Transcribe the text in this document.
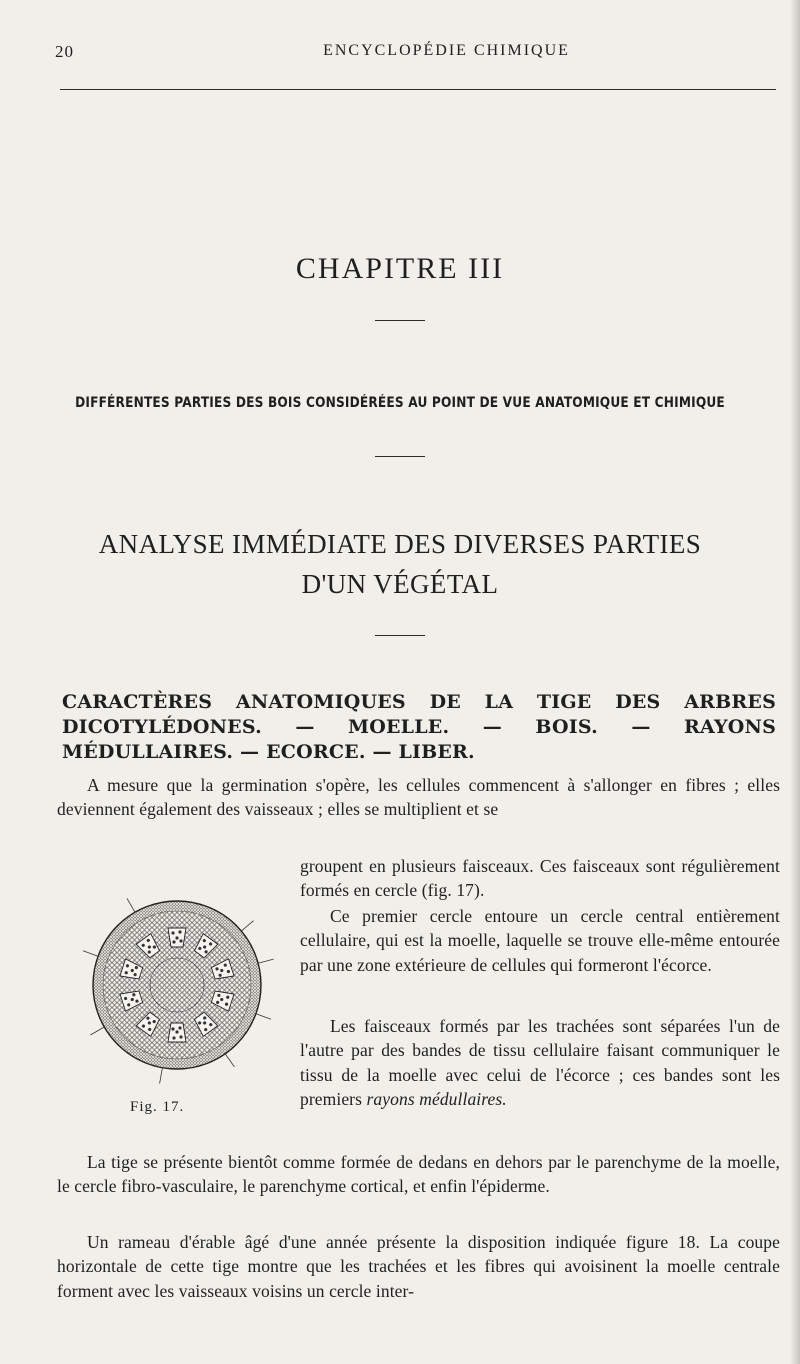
20	ENCYCLOPÉDIE CHIMIQUE
CHAPITRE III
DIFFÉRENTES PARTIES DES BOIS CONSIDÉRÉES AU POINT DE VUE ANATOMIQUE ET CHIMIQUE
ANALYSE IMMÉDIATE DES DIVERSES PARTIES
D'UN VÉGÉTAL
CARACTÈRES ANATOMIQUES DE LA TIGE DES ARBRES DICOTYLÉDONES. — MOELLE. — BOIS. — RAYONS MÉDULLAIRES. — ECORCE. — LIBER.

A mesure que la germination s'opère, les cellules commencent à s'allonger en fibres ; elles deviennent également des vaisseaux ; elles se multiplient et se

groupent en plusieurs faisceaux. Ces faisceaux sont régulièrement formés en cercle (fig. 17).

Ce premier cercle entoure un cercle central entièrement cellulaire, qui est la moelle, laquelle se trouve elle-même entourée par une zone extérieure de cellules qui formeront l'écorce.

Les faisceaux formés par les trachées sont séparées l'un de l'autre par des bandes de tissu cellulaire faisant communiquer le tissu de la moelle avec celui de l'écorce ; ces bandes sont les premiers rayons médullaires.

Fig. 17.

La tige se présente bientôt comme formée de dedans en dehors par le parenchyme de la moelle, le cercle fibro-vasculaire, le parenchyme cortical, et enfin l'épiderme.

Un rameau d'érable âgé d'une année présente la disposition indiquée figure 18. La coupe horizontale de cette tige montre que les trachées et les fibres qui avoisinent la moelle centrale forment avec les vaisseaux voisins un cercle inter-
